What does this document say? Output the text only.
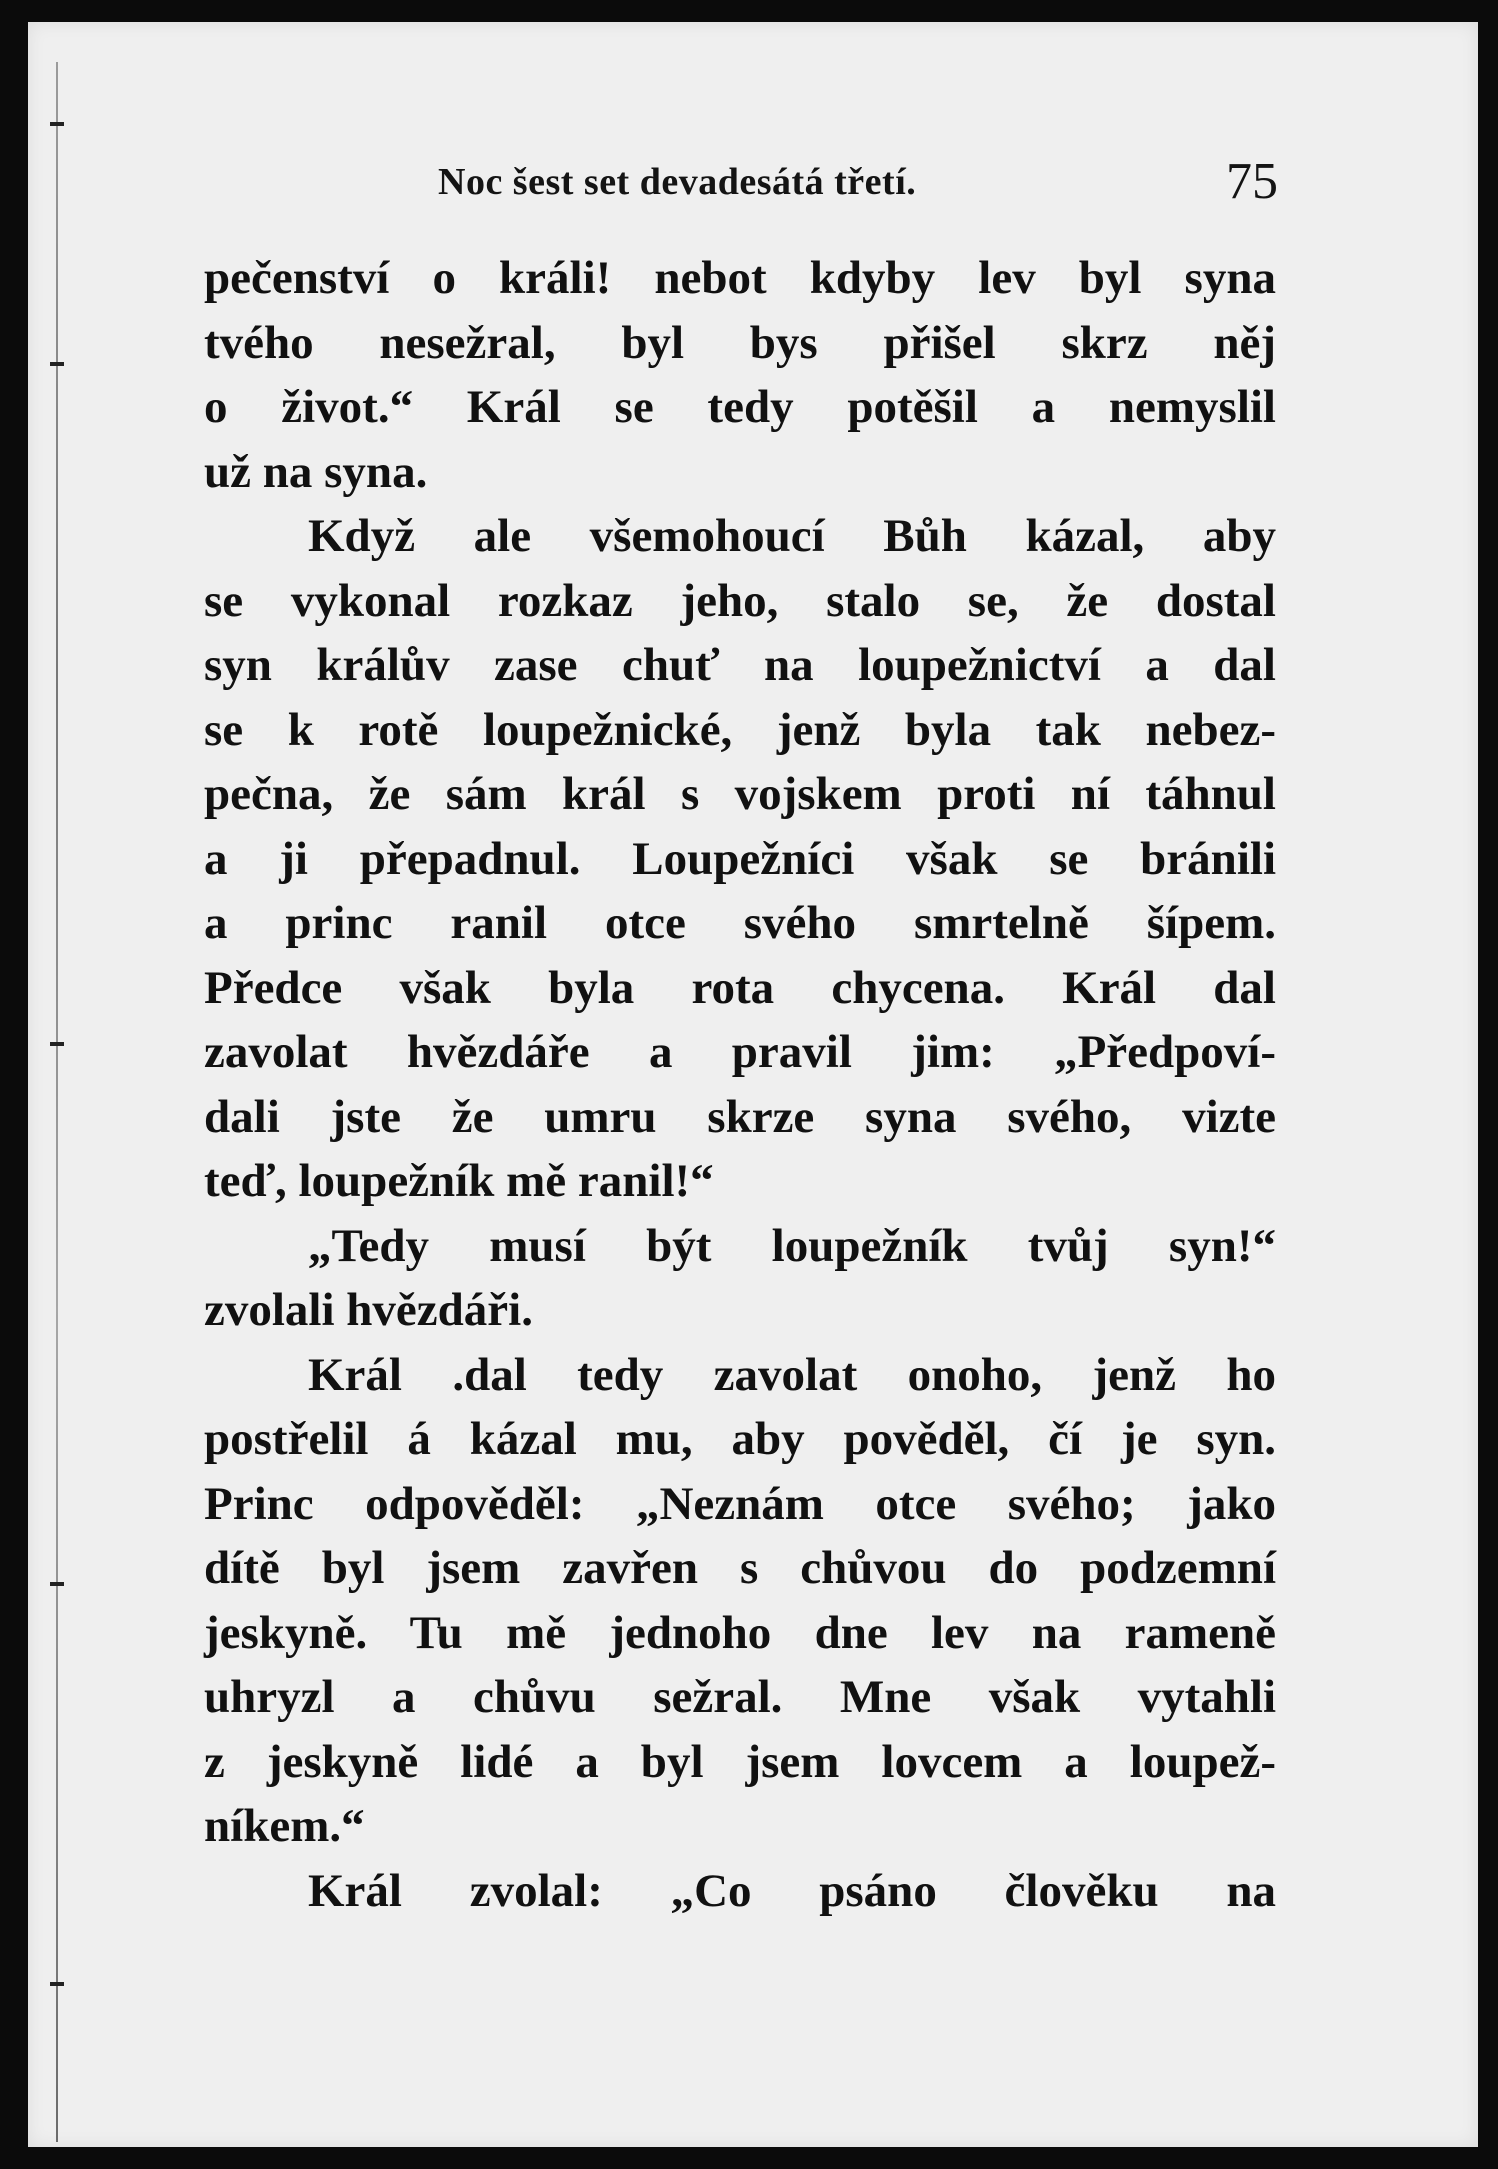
Noc šest set devadesátá třetí.	75
pečenství o králi! nebot kdyby lev byl syna
tvého nesežral, byl bys přišel skrz něj
o život.“ Král se tedy potěšil a nemyslil
už na syna.
Když ale všemohoucí Bůh kázal, aby
se vykonal rozkaz jeho, stalo se, že dostal
syn králův zase chuť na loupežnictví a dal
se k rotě loupežnické, jenž byla tak nebez-
pečna, že sám král s vojskem proti ní táhnul
a ji přepadnul. Loupežníci však se bránili
a princ ranil otce svého smrtelně šípem.
Předce však byla rota chycena. Král dal
zavolat hvězdáře a pravil jim: „Předpoví-
dali jste že umru skrze syna svého, vizte
teď, loupežník mě ranil!“
„Tedy musí být loupežník tvůj syn!“
zvolali hvězdáři.
Král .dal tedy zavolat onoho, jenž ho
postřelil á kázal mu, aby pověděl, čí je syn.
Princ odpověděl: „Neznám otce svého; jako
dítě byl jsem zavřen s chůvou do podzemní
jeskyně. Tu mě jednoho dne lev na rameně
uhryzl a chůvu sežral. Mne však vytahli
z jeskyně lidé a byl jsem lovcem a loupež-
níkem.“
Král zvolal: „Co psáno člověku na
